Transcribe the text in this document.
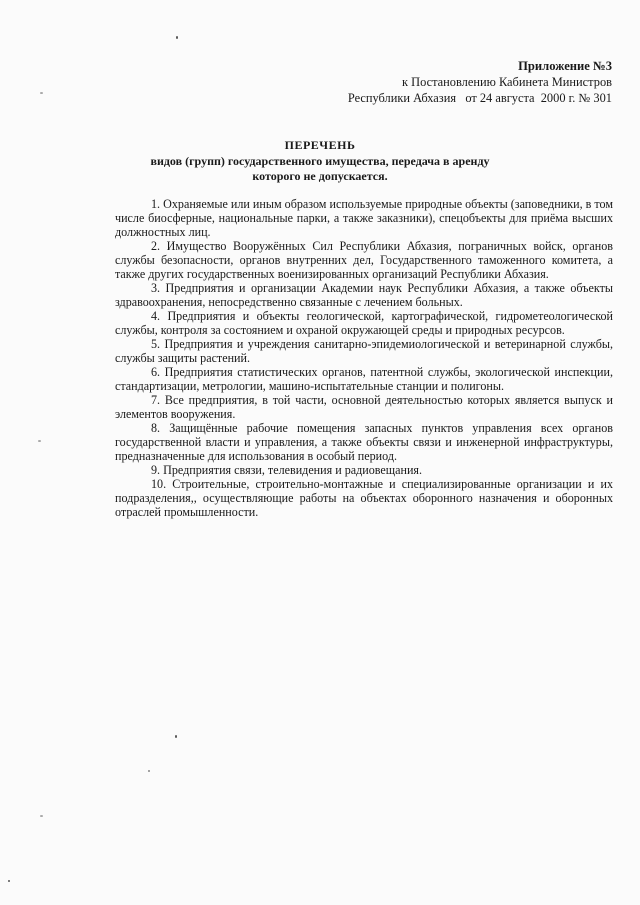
Приложение №3
к Постановлению Кабинета Министров
Республики Абхазия   от 24 августа  2000 г. № 301
ПЕРЕЧЕНЬ
видов (групп) государственного имущества, передача в аренду
которого не допускается.

1. Охраняемые или иным образом используемые природные объекты (заповедники, в том числе биосферные, национальные парки, а также заказники), спецобъекты для приёма высших должностных лиц.

2. Имущество Вооружённых Сил Республики Абхазия, пограничных войск, органов службы безопасности, органов внутренних дел, Государственного таможенного комитета, а также других государственных военизированных организаций Республики Абхазия.

3. Предприятия и организации Академии наук Республики Абхазия, а также объекты здравоохранения, непосредственно связанные с лечением больных.

4. Предприятия и объекты геологической, картографической, гидрометеологической службы, контроля за состоянием и охраной окружающей среды и природных ресурсов.

5. Предприятия и учреждения санитарно-эпидемиологической и ветеринарной службы, службы защиты растений.

6. Предприятия статистических органов, патентной службы, экологической инспекции, стандартизации, метрологии, машино-испытательные станции и полигоны.

7. Все предприятия, в той части, основной деятельностью которых является выпуск и элементов вооружения.

8. Защищённые рабочие помещения запасных пунктов управления всех органов государственной власти и управления, а также объекты связи и инженерной инфраструктуры, предназначенные для использования в особый период.

9. Предприятия связи, телевидения и радиовещания.

10. Строительные, строительно-монтажные и специализированные организации и их подразделения,, осуществляющие работы на объектах оборонного назначения и оборонных отраслей промышленности.
